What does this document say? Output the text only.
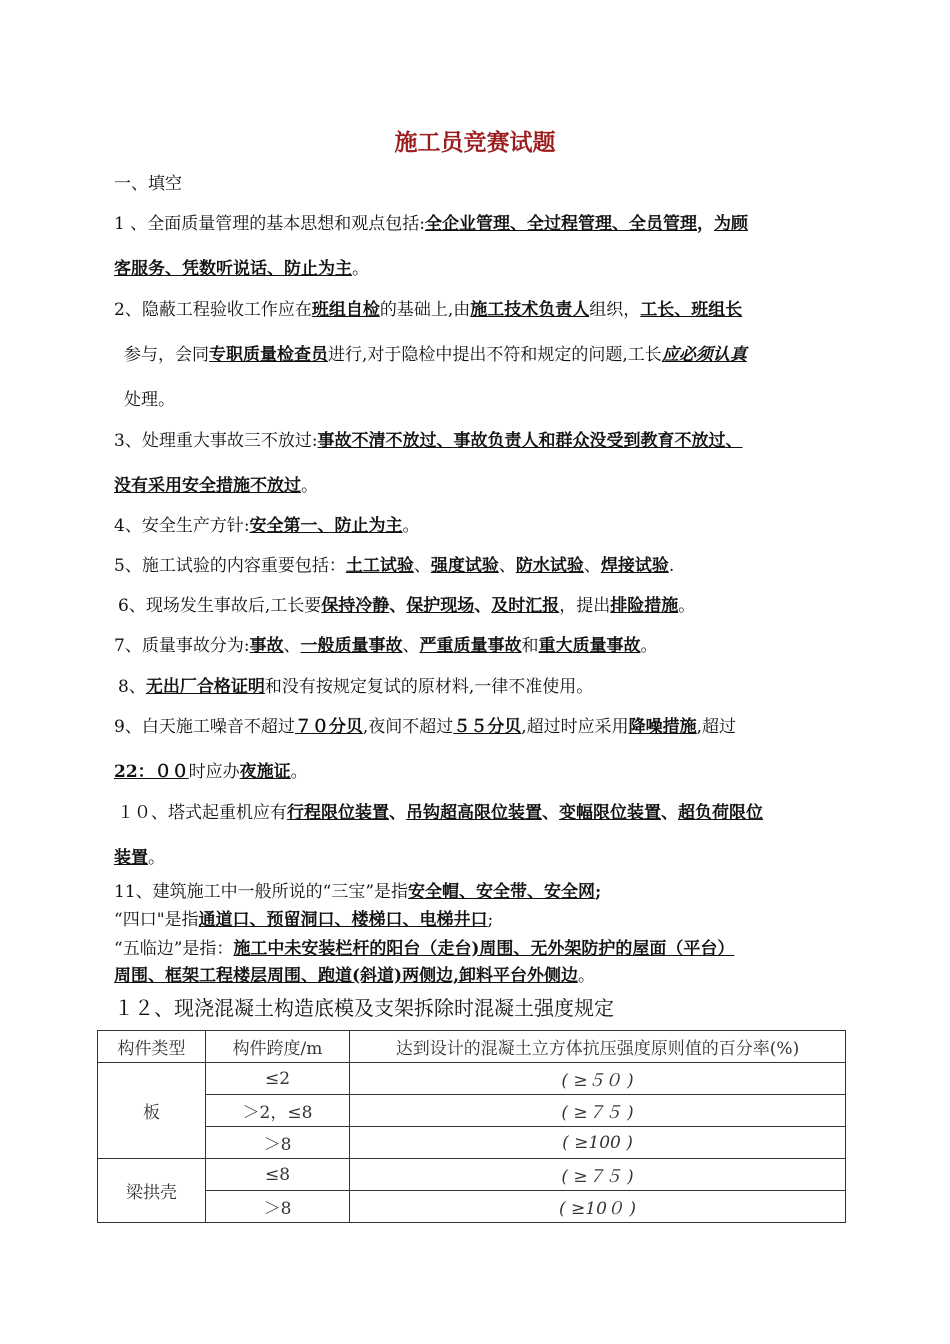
施工员竞赛试题
一、填空
1 、全面质量管理的基本思想和观点包括:全企业管理、全过程管理、全员管理，为顾
客服务、凭数听说话、防止为主。
2、隐蔽工程验收工作应在班组自检的基础上,由施工技术负责人组织，工长、班组长
参与，会同专职质量检查员进行,对于隐检中提出不符和规定的问题,工长应必须认真
处理。
3、处理重大事故三不放过:事故不清不放过、事故负责人和群众没受到教育不放过、
没有采用安全措施不放过。
4、安全生产方针:安全第一、防止为主。
5、施工试验的内容重要包括：土工试验、强度试验、防水试验、焊接试验.
6、现场发生事故后,工长要保持冷静、保护现场、及时汇报，提出排险措施。
7、质量事故分为:事故、一般质量事故、严重质量事故和重大质量事故。
8、无出厂合格证明和没有按规定复试的原材料,一律不准使用。
9、白天施工噪音不超过７０分贝,夜间不超过５５分贝,超过时应采用降噪措施,超过
22：００时应办夜施证。
１０、塔式起重机应有行程限位装置、吊钩超高限位装置、变幅限位装置、超负荷限位
装置。
11、建筑施工中一般所说的“三宝”是指安全帽、安全带、安全网;
“四口"是指通道口、预留洞口、楼梯口、电梯井口;
“五临边”是指：施工中未安装栏杆的阳台（走台)周围、无外架防护的屋面（平台）
周围、框架工程楼层周围、跑道(斜道)两侧边,卸料平台外侧边。
１２、现浇混凝土构造底模及支架拆除时混凝土强度规定
构件类型	构件跨度/m	达到设计的混凝土立方体抗压强度原则值的百分率(%)
板	≤2	( ≥５０ )
	＞2，≤8	( ≥７５ )
	＞8	( ≥100 )
梁拱壳	≤8	( ≥７５ )
	＞8	( ≥10０ )
